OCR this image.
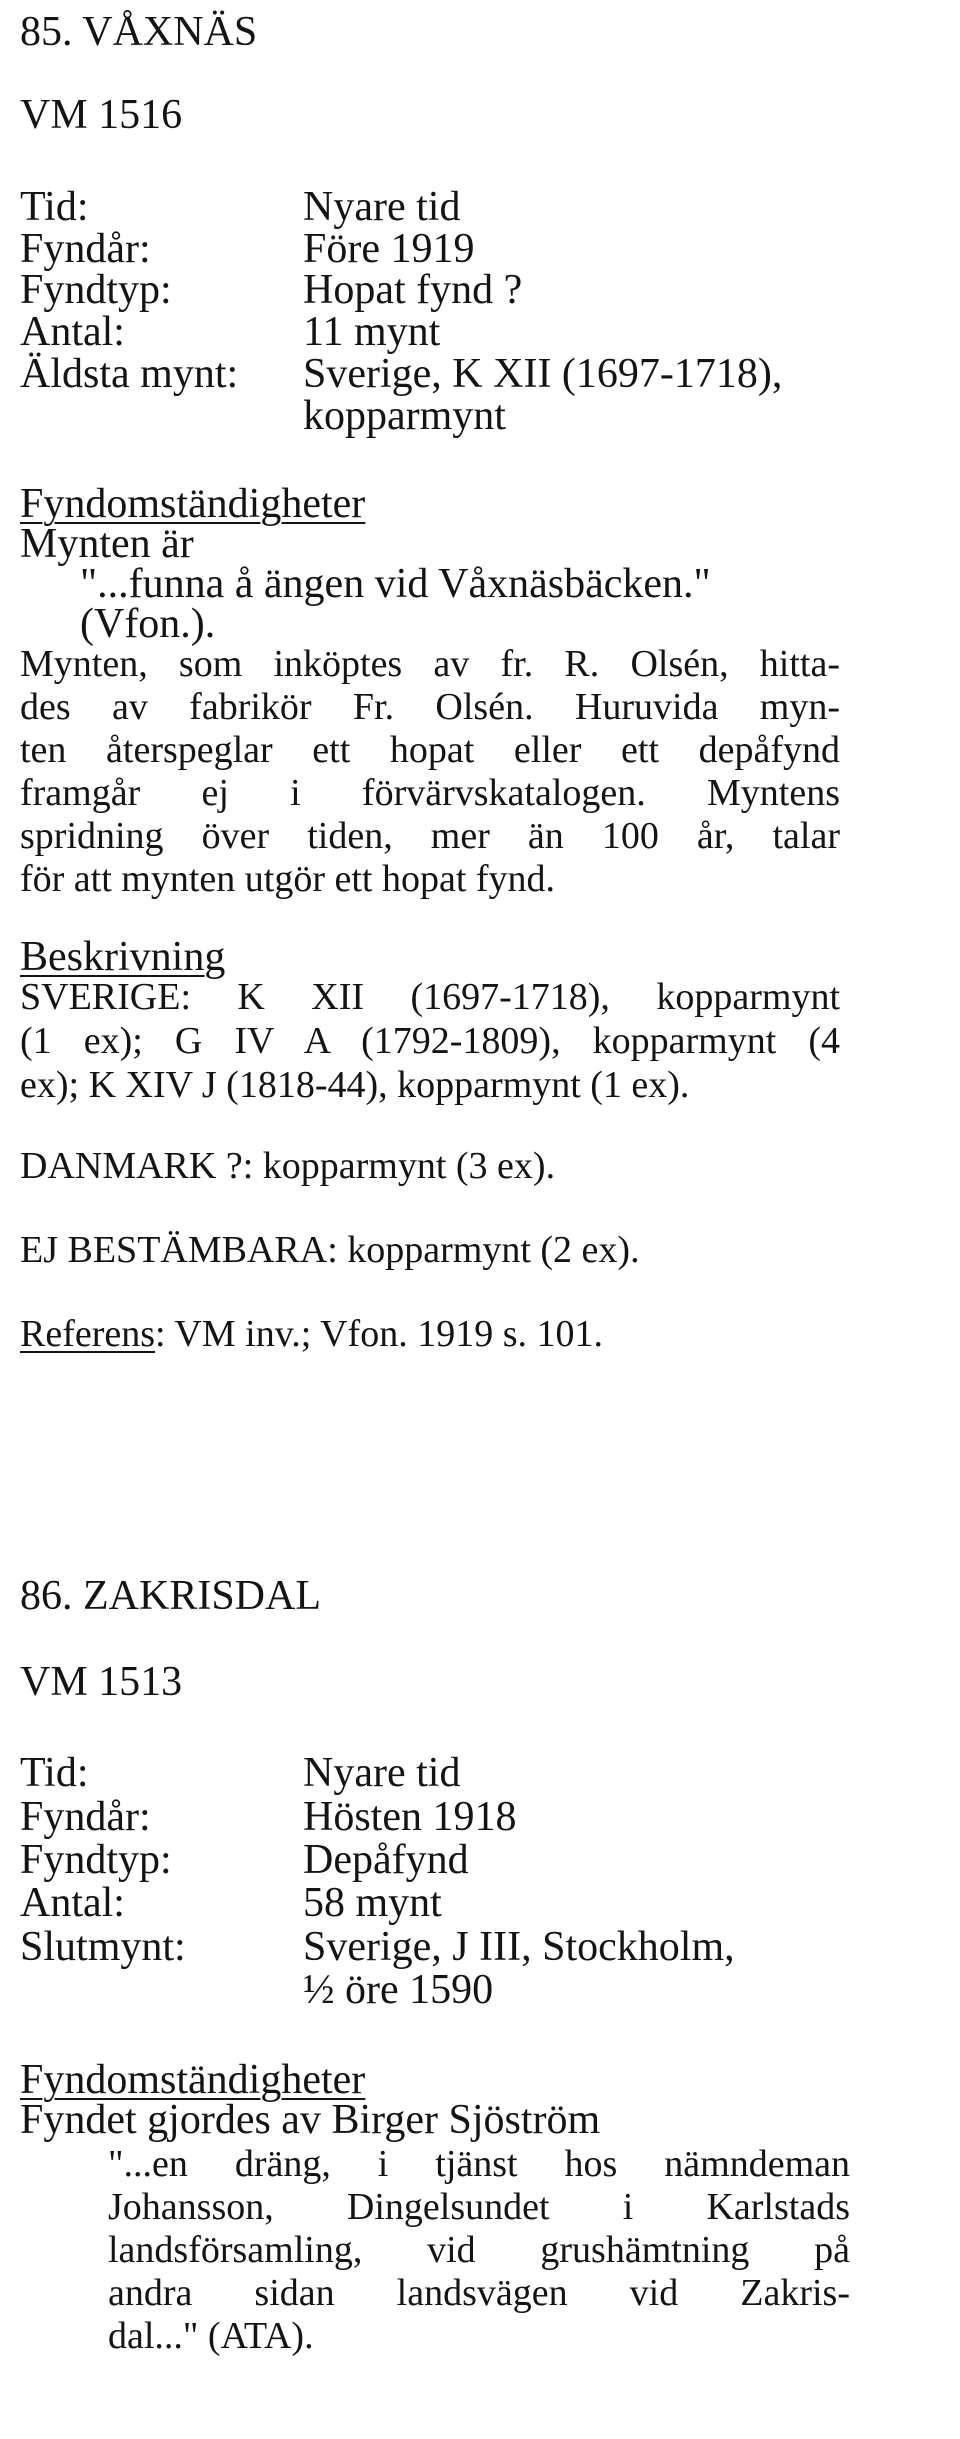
85. VÅXNÄS
VM 1516
Tid:	Nyare tid
Fyndår:	Före 1919
Fyndtyp:	Hopat fynd ?
Antal:	11 mynt
Äldsta mynt: Sverige, K XII (1697-1718),
kopparmynt
Fyndomständigheter
Mynten är
"...funna å ängen vid Våxnäsbäcken."
(Vfon.).
Mynten, som inköptes av fr. R. Olsén, hitta-
des av fabrikör Fr. Olsén. Huruvida myn-
ten återspeglar ett hopat eller ett depåfynd
framgår ej i förvärvskatalogen. Myntens
spridning över tiden, mer än 100 år, talar
för att mynten utgör ett hopat fynd.
Beskrivning
SVERIGE: K XII (1697-1718), kopparmynt
(1 ex); G IV A (1792-1809), kopparmynt (4
ex); K XIV J (1818-44), kopparmynt (1 ex).
DANMARK ?: kopparmynt (3 ex).
EJ BESTÄMBARA: kopparmynt (2 ex).
Referens: VM inv.; Vfon. 1919 s. 101.
86. ZAKRISDAL
VM 1513
Tid:	Nyare tid
Fyndår:	Hösten 1918
Fyndtyp:	Depåfynd
Antal:	58 mynt
Slutmynt:	Sverige, J III, Stockholm,
½ öre 1590
Fyndomständigheter
Fyndet gjordes av Birger Sjöström
"...en dräng, i tjänst hos nämndeman
Johansson, Dingelsundet i Karlstads
landsförsamling, vid grushämtning på
andra sidan landsvägen vid Zakris-
dal..." (ATA).
